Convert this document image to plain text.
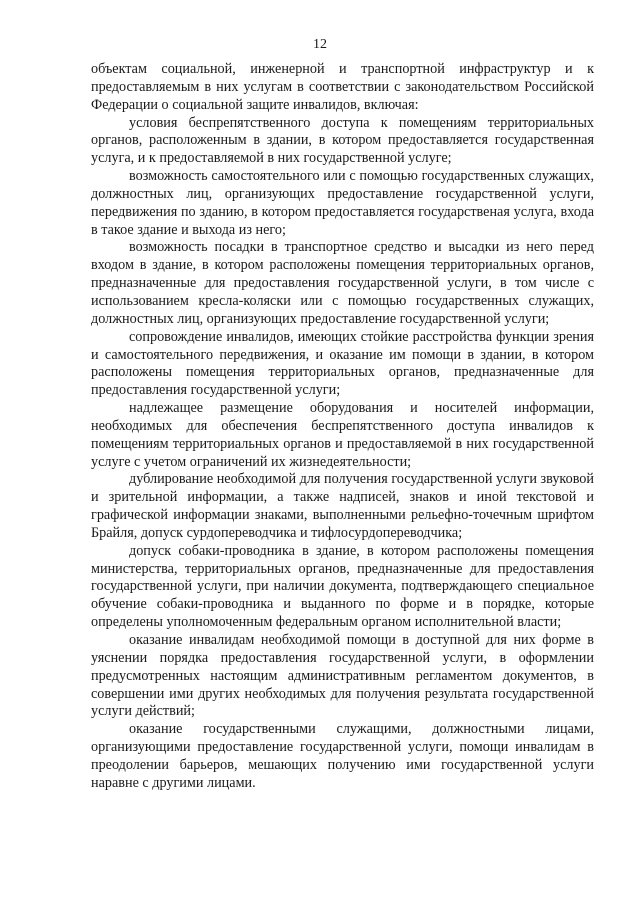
12

объектам социальной, инженерной и транспортной инфраструктур и к предоставляемым в них услугам в соответствии с законодательством Российской Федерации о социальной защите инвалидов, включая:

условия беспрепятственного доступа к помещениям территориальных органов, расположенным в здании, в котором предоставляется государственная услуга, и к предоставляемой в них государственной услуге;

возможность самостоятельного или с помощью государственных служащих, должностных лиц, организующих предоставление государственной услуги, передвижения по зданию, в котором предоставляется государственая услуга, входа в такое здание и выхода из него;

возможность посадки в транспортное средство и высадки из него перед входом в здание, в котором расположены помещения территориальных органов, предназначенные для предоставления государственной услуги, в том числе с использованием кресла-коляски или с помощью государственных служащих, должностных лиц, организующих предоставление государственной услуги;

сопровождение инвалидов, имеющих стойкие расстройства функции зрения и самостоятельного передвижения, и оказание им помощи в здании, в котором расположены помещения территориальных органов, предназначенные для предоставления государственной услуги;

надлежащее размещение оборудования и носителей информации, необходимых для обеспечения беспрепятственного доступа инвалидов к помещениям территориальных органов и предоставляемой в них государственной услуге с учетом ограничений их жизнедеятельности;

дублирование необходимой для получения государственной услуги звуковой и зрительной информации, а также надписей, знаков и иной текстовой и графической информации знаками, выполненными рельефно-точечным шрифтом Брайля, допуск сурдопереводчика и тифлосурдопереводчика;

допуск собаки-проводника в здание, в котором расположены помещения министерства, территориальных органов, предназначенные для предоставления государственной услуги, при наличии документа, подтверждающего специальное обучение собаки-проводника и выданного по форме и в порядке, которые определены уполномоченным федеральным органом исполнительной власти;

оказание инвалидам необходимой помощи в доступной для них форме в уяснении порядка предоставления государственной услуги, в оформлении предусмотренных настоящим административным регламентом документов, в совершении ими других необходимых для получения результата государственной услуги действий;

оказание государственными служащими, должностными лицами, организующими предоставление государственной услуги, помощи инвалидам в преодолении барьеров, мешающих получению ими государственной услуги наравне с другими лицами.
